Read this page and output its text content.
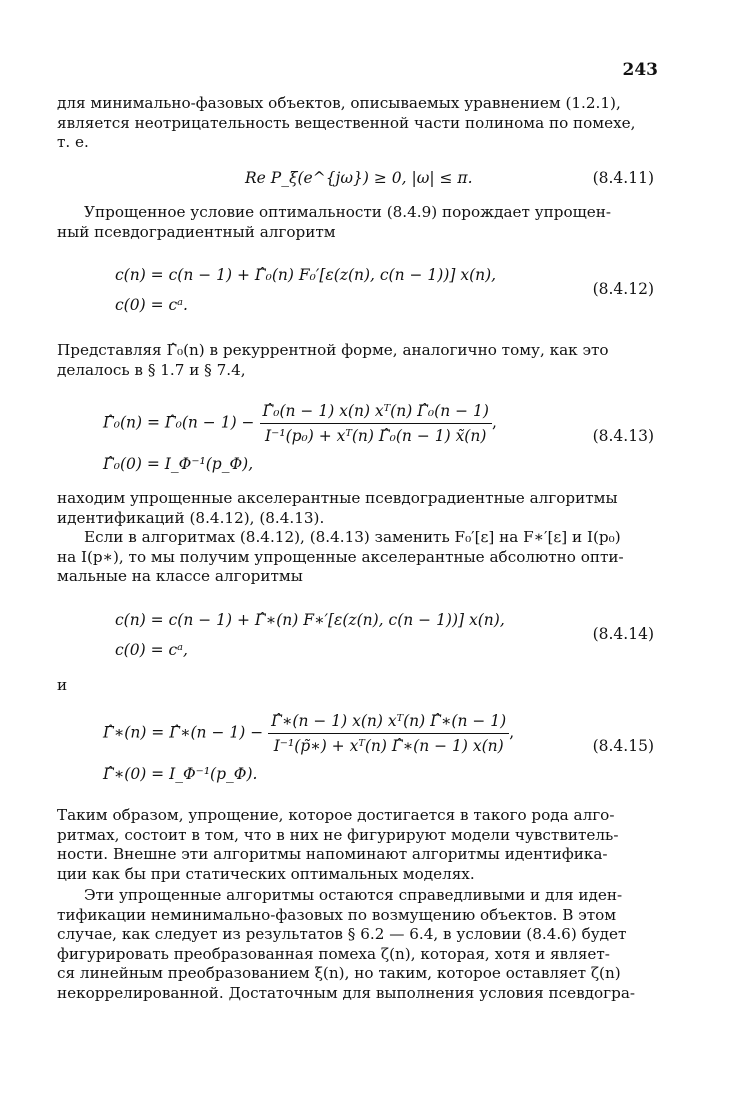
243
для минимально-фазовых объектов, описываемых уравнением (1.2.1),
является неотрицательность вещественной части полинома по помехе,
т. е.
Re P_ξ(e^{jω}) ≥ 0, |ω| ≤ π.	(8.4.11)
Упрощенное условие оптимальности (8.4.9) порождает упрощен-
ный псевдоградиентный алгоритм
c(n) = c(n − 1) + Γ̂₀(n) F₀′[ε(z(n), c(n − 1))] x(n),
c(0) = cᵃ.
(8.4.12)
Представляя Γ̂₀(n) в рекуррентной форме, аналогично тому, как это
делалось в § 1.7 и § 7.4,
Γ̂₀(n) = Γ̂₀(n − $1) - \frac{\text{Γ̂₀(n − 1) x(n) xᵀ(n) Γ̂₀(n − 1)}}{\text{I⁻¹(p₀) + xᵀ(n) Γ̂₀(n − 1) x̃(n)}}$ ,
Γ̂₀(0) = I_Φ⁻¹(p_Φ),
(8.4.13)
находим упрощенные акселерантные псевдоградиентные алгоритмы
идентификаций (8.4.12), (8.4.13).
Если в алгоритмах (8.4.12), (8.4.13) заменить F₀′[ε] на F∗′[ε] и I(p₀)
на I(p∗), то мы получим упрощенные акселерантные абсолютно опти-
мальные на классе алгоритмы
c(n) = c(n − 1) + Γ̂∗(n) F∗′[ε(z(n), c(n − 1))] x(n),
c(0) = cᵃ,
(8.4.14)
и
Γ̂∗(n) = Γ̂∗(n − $1) - \frac{\text{Γ̂∗(n − 1) x(n) xᵀ(n) Γ̂∗(n − 1)}}{\text{I⁻¹(p̃∗) + xᵀ(n) Γ̂∗(n − 1) x(n)}}$ ,
Γ̂∗(0) = I_Φ⁻¹(p_Φ).
(8.4.15)
Таким образом, упрощение, которое достигается в такого рода алго-
ритмах, состоит в том, что в них не фигурируют модели чувствитель-
ности. Внешне эти алгоритмы напоминают алгоритмы идентифика-
ции как бы при статических оптимальных моделях.
Эти упрощенные алгоритмы остаются справедливыми и для иден-
тификации неминимально-фазовых по возмущению объектов. В этом
случае, как следует из результатов § 6.2 — 6.4, в условии (8.4.6) будет
фигурировать преобразованная помеха ζ(n), которая, хотя и являет-
ся линейным преобразованием ξ(n), но таким, которое оставляет ζ(n)
некоррелированной. Достаточным для выполнения условия псевдогра-
